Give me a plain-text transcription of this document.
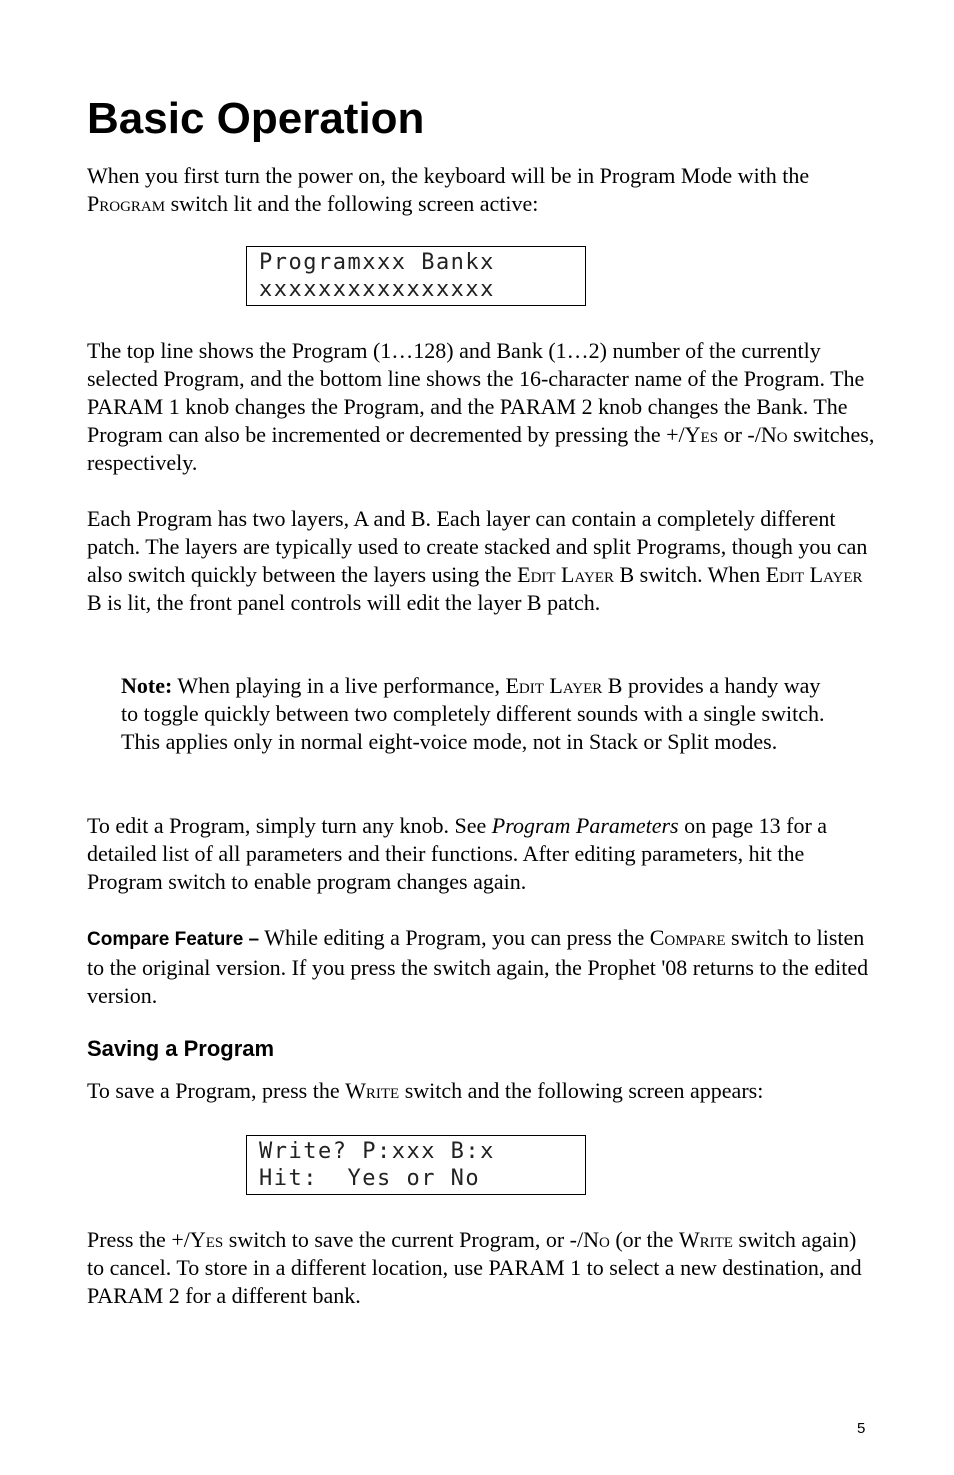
Basic Operation

When you first turn the power on, the keyboard will be in Program Mode with the Program switch lit and the following screen active:

Programxxx Bankx
xxxxxxxxxxxxxxxx

The top line shows the Program (1…128) and Bank (1…2) number of the currently selected Program, and the bottom line shows the 16-character name of the Program. The PARAM 1 knob changes the Program, and the PARAM 2 knob changes the Bank. The Program can also be incremented or decremented by pressing the +/Yes or -/No switches, respectively.

Each Program has two layers, A and B. Each layer can contain a completely different patch. The layers are typically used to create stacked and split Programs, though you can also switch quickly between the layers using the Edit Layer B switch. When Edit Layer B is lit, the front panel controls will edit the layer B patch.

Note: When playing in a live performance, Edit Layer B provides a handy way to toggle quickly between two completely different sounds with a single switch. This applies only in normal eight-voice mode, not in Stack or Split modes.

To edit a Program, simply turn any knob. See Program Parameters on page 13 for a detailed list of all parameters and their functions. After editing parameters, hit the Program switch to enable program changes again.

Compare Feature – While editing a Program, you can press the Compare switch to listen to the original version. If you press the switch again, the Prophet '08 returns to the edited version.

Saving a Program

To save a Program, press the Write switch and the following screen appears:

Write? P:xxx B:x
Hit:  Yes or No

Press the +/Yes switch to save the current Program, or -/No (or the Write switch again) to cancel. To store in a different location, use PARAM 1 to select a new destination, and PARAM 2 for a different bank.

5
